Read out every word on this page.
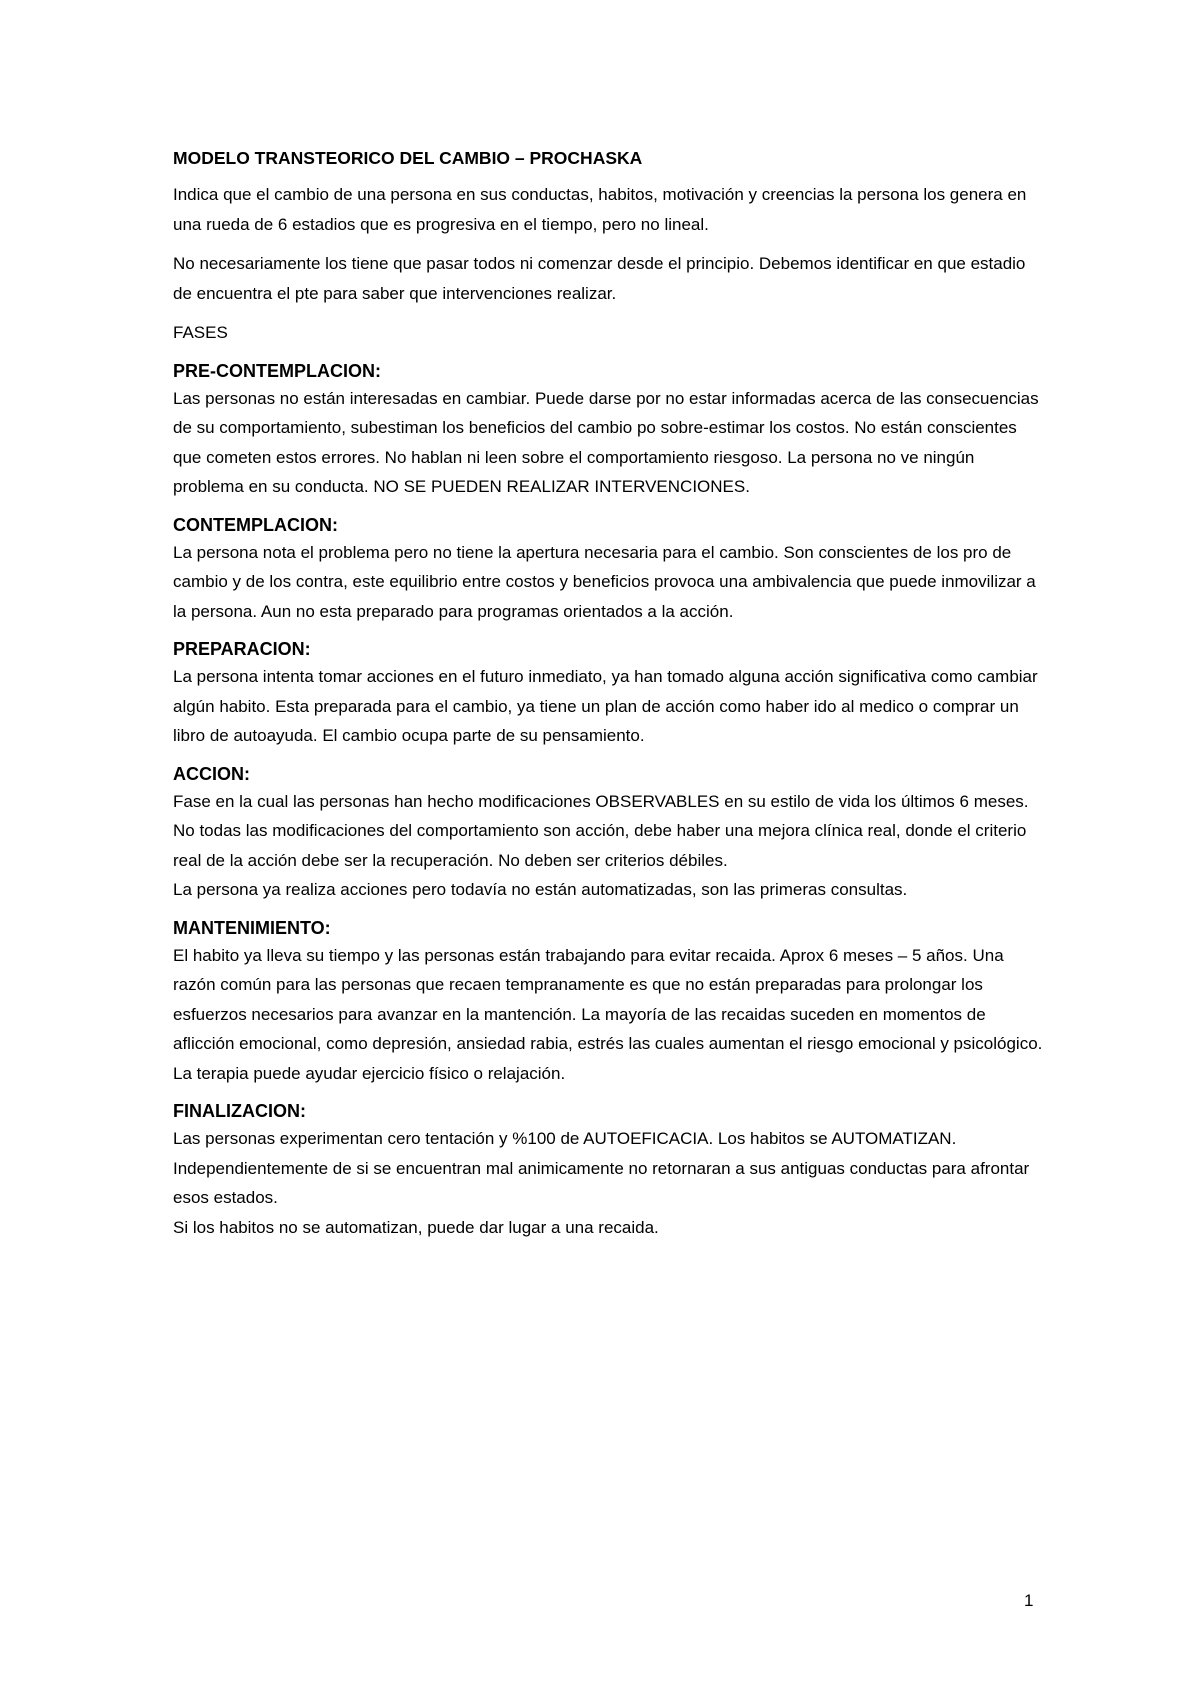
MODELO TRANSTEORICO DEL CAMBIO – PROCHASKA

Indica que el cambio de una persona en sus conductas, habitos, motivación y creencias la persona los genera en una rueda de 6 estadios que es progresiva en el tiempo, pero no lineal.

No necesariamente los tiene que pasar todos ni comenzar desde el principio. Debemos identificar en que estadio de encuentra el pte para saber que intervenciones realizar.

FASES

PRE-CONTEMPLACION:

Las personas no están interesadas en cambiar. Puede darse por no estar informadas acerca de las consecuencias de su comportamiento, subestiman los beneficios del cambio po sobre-estimar los costos. No están conscientes que cometen estos errores. No hablan ni leen sobre el comportamiento riesgoso. La persona no ve ningún problema en su conducta. NO SE PUEDEN REALIZAR INTERVENCIONES.

CONTEMPLACION:

La persona nota el problema pero no tiene la apertura necesaria para el cambio. Son conscientes de los pro de cambio y de los contra, este equilibrio entre costos y beneficios provoca una ambivalencia que puede inmovilizar a la persona. Aun no esta preparado para programas orientados a la acción.

PREPARACION:

La persona intenta tomar acciones en el futuro inmediato, ya han tomado alguna acción significativa como cambiar algún habito. Esta preparada para el cambio, ya tiene un plan de acción como haber ido al medico o comprar un libro de autoayuda. El cambio ocupa parte de su pensamiento.

ACCION:

Fase en la cual las personas han hecho modificaciones OBSERVABLES en su estilo de vida los últimos 6 meses. No todas las modificaciones del comportamiento son acción, debe haber una mejora clínica real, donde el criterio real de la acción debe ser la recuperación. No deben ser criterios débiles.

La persona ya realiza acciones pero todavía no están automatizadas, son las primeras consultas.

MANTENIMIENTO:

El habito ya lleva su tiempo y las personas están trabajando para evitar recaida. Aprox 6 meses – 5 años. Una razón común para las personas que recaen tempranamente es que no están preparadas para prolongar los esfuerzos necesarios para avanzar en la mantención. La mayoría de las recaidas suceden en momentos de aflicción emocional, como depresión, ansiedad rabia, estrés las cuales aumentan el riesgo emocional y psicológico.

La terapia puede ayudar ejercicio físico o relajación.

FINALIZACION:

Las personas experimentan cero tentación y %100 de AUTOEFICACIA. Los habitos se AUTOMATIZAN. Independientemente de si se encuentran mal animicamente no retornaran a sus antiguas conductas para afrontar esos estados.

Si los habitos no se automatizan, puede dar lugar a una recaida.

1
